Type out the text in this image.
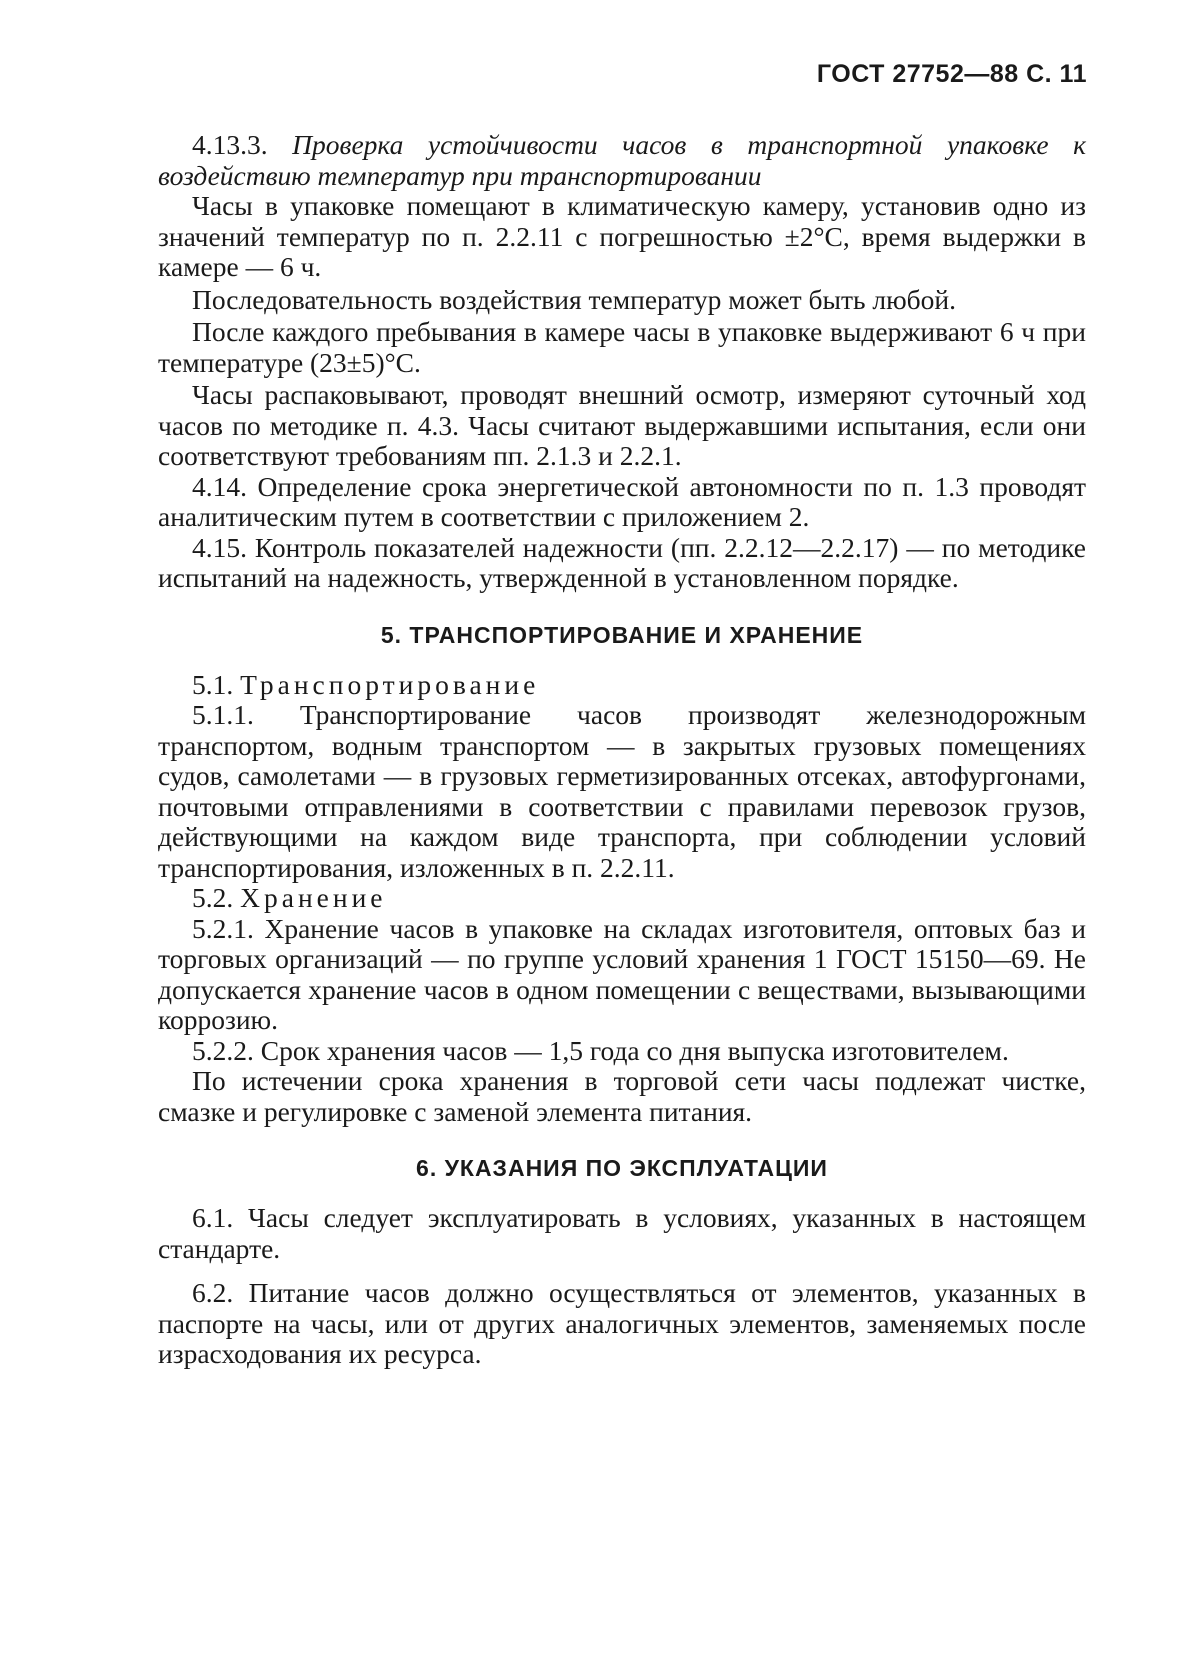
ГОСТ 27752—88 С. 11

4.13.3. Проверка устойчивости часов в транспортной упаковке к воздействию температур при транспортировании

Часы в упаковке помещают в климатическую камеру, установив одно из значений температур по п. 2.2.11 с погрешностью ±2°С, время выдержки в камере — 6 ч.

Последовательность воздействия температур может быть любой.

После каждого пребывания в камере часы в упаковке выдерживают 6 ч при температуре (23±5)°С.

Часы распаковывают, проводят внешний осмотр, измеряют суточный ход часов по методике п. 4.3. Часы считают выдержавшими испытания, если они соответствуют требованиям пп. 2.1.3 и 2.2.1.

4.14. Определение срока энергетической автономности по п. 1.3 проводят аналитическим путем в соответствии с приложением 2.

4.15. Контроль показателей надежности (пп. 2.2.12—2.2.17) — по методике испытаний на надежность, утвержденной в установленном порядке.

5. ТРАНСПОРТИРОВАНИЕ И ХРАНЕНИЕ

5.1. Транспортирование

5.1.1. Транспортирование часов производят железнодорожным транспортом, водным транспортом — в закрытых грузовых помещениях судов, самолетами — в грузовых герметизированных отсеках, автофургонами, почтовыми отправлениями в соответствии с правилами перевозок грузов, действующими на каждом виде транспорта, при соблюдении условий транспортирования, изложенных в п. 2.2.11.

5.2. Хранение

5.2.1. Хранение часов в упаковке на складах изготовителя, оптовых баз и торговых организаций — по группе условий хранения 1 ГОСТ 15150—69. Не допускается хранение часов в одном помещении с веществами, вызывающими коррозию.

5.2.2. Срок хранения часов — 1,5 года со дня выпуска изготовителем.

По истечении срока хранения в торговой сети часы подлежат чистке, смазке и регулировке с заменой элемента питания.

6. УКАЗАНИЯ ПО ЭКСПЛУАТАЦИИ

6.1. Часы следует эксплуатировать в условиях, указанных в настоящем стандарте.

6.2. Питание часов должно осуществляться от элементов, указанных в паспорте на часы, или от других аналогичных элементов, заменяемых после израсходования их ресурса.
